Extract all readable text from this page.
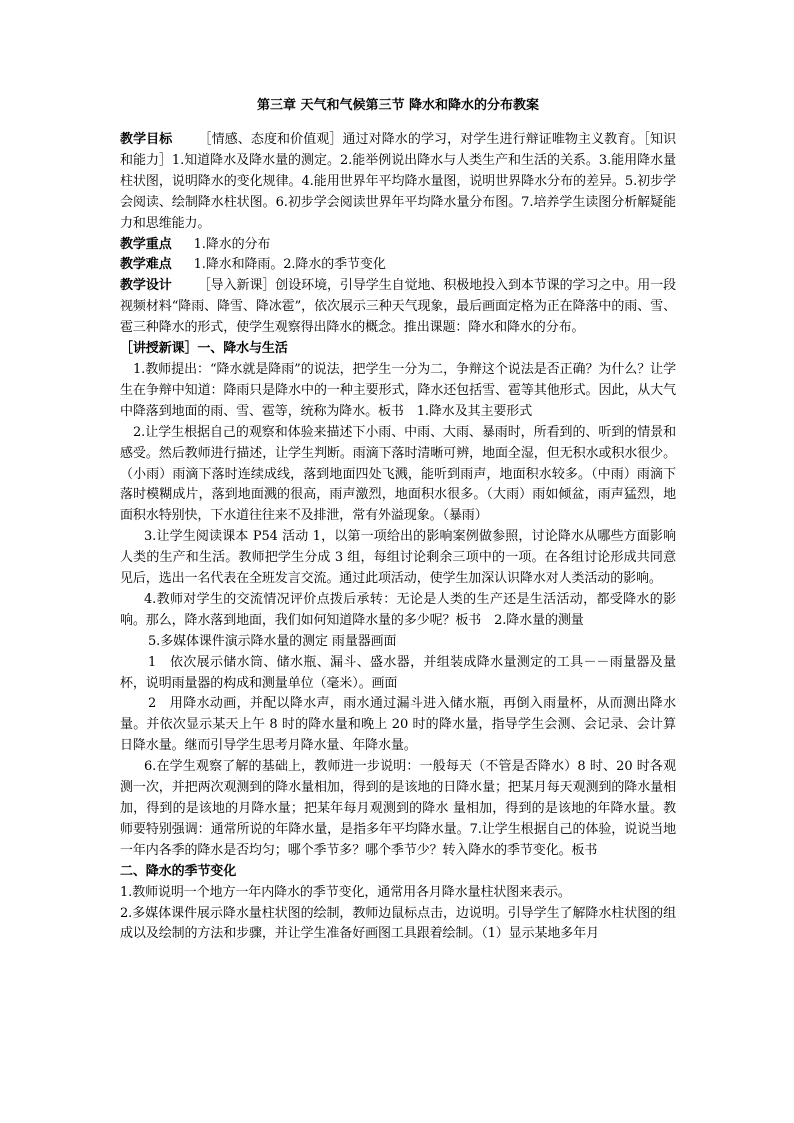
第三章 天气和气候第三节 降水和降水的分布教案

教学目标 ［情感、态度和价值观］通过对降水的学习，对学生进行辩证唯物主义教育。［知识和能力］1.知道降水及降水量的测定。2.能举例说出降水与人类生产和生活的关系。3.能用降水量柱状图，说明降水的变化规律。4.能用世界年平均降水量图，说明世界降水分布的差异。5.初步学会阅读、绘制降水柱状图。6.初步学会阅读世界年平均降水量分布图。7.培养学生读图分析解疑能力和思维能力。

教学重点 1.降水的分布

教学难点 1.降水和降雨。2.降水的季节变化

教学设计 ［导入新课］创设环境，引导学生自觉地、积极地投入到本节课的学习之中。用一段视频材料“降雨、降雪、降冰雹”，依次展示三种天气现象，最后画面定格为正在降落中的雨、雪、雹三种降水的形式，使学生观察得出降水的概念。推出课题：降水和降水的分布。

［讲授新课］一、降水与生活

1.教师提出：“降水就是降雨”的说法，把学生一分为二，争辩这个说法是否正确？为什么？让学生在争辩中知道：降雨只是降水中的一种主要形式，降水还包括雪、雹等其他形式。因此，从大气中降落到地面的雨、雪、雹等，统称为降水。板书　1.降水及其主要形式

2.让学生根据自己的观察和体验来描述下小雨、中雨、大雨、暴雨时，所看到的、听到的情景和感受。然后教师进行描述，让学生判断。雨滴下落时清晰可辨，地面全湿，但无积水或积水很少。（小雨）雨滴下落时连续成线，落到地面四处飞溅，能听到雨声，地面积水较多。（中雨）雨滴下落时模糊成片，落到地面溅的很高，雨声激烈，地面积水很多。（大雨）雨如倾盆，雨声猛烈，地面积水特别快，下水道往往来不及排泄，常有外溢现象。（暴雨）

3.让学生阅读课本 P54 活动 1，以第一项给出的影响案例做参照，讨论降水从哪些方面影响人类的生产和生活。教师把学生分成 3 组，每组讨论剩余三项中的一项。在各组讨论形成共同意见后，选出一名代表在全班发言交流。通过此项活动，使学生加深认识降水对人类活动的影响。

4.教师对学生的交流情况评价点拨后承转：无论是人类的生产还是生活活动，都受降水的影响。那么，降水落到地面，我们如何知道降水量的多少呢？板书　2.降水量的测量

5.多媒体课件演示降水量的测定 雨量器画面

1　依次展示储水筒、储水瓶、漏斗、盛水器，并组装成降水量测定的工具－－雨量器及量杯，说明雨量器的构成和测量单位（毫米）。画面

2　用降水动画，并配以降水声，雨水通过漏斗进入储水瓶，再倒入雨量杯，从而测出降水量。并依次显示某天上午 8 时的降水量和晚上 20 时的降水量，指导学生会测、会记录、会计算日降水量。继而引导学生思考月降水量、年降水量。

6.在学生观察了解的基础上，教师进一步说明：一般每天（不管是否降水）8 时、20 时各观测一次，并把两次观测到的降水量相加，得到的是该地的日降水量；把某月每天观测到的降水量相加，得到的是该地的月降水量；把某年每月观测到的降水 量相加，得到的是该地的年降水量。教师要特别强调：通常所说的年降水量，是指多年平均降水量。7.让学生根据自己的体验，说说当地一年内各季的降水是否均匀；哪个季节多？哪个季节少？转入降水的季节变化。板书

二、降水的季节变化

1.教师说明一个地方一年内降水的季节变化，通常用各月降水量柱状图来表示。

2.多媒体课件展示降水量柱状图的绘制，教师边鼠标点击，边说明。引导学生了解降水柱状图的组成以及绘制的方法和步骤，并让学生准备好画图工具跟着绘制。（1）显示某地多年月
